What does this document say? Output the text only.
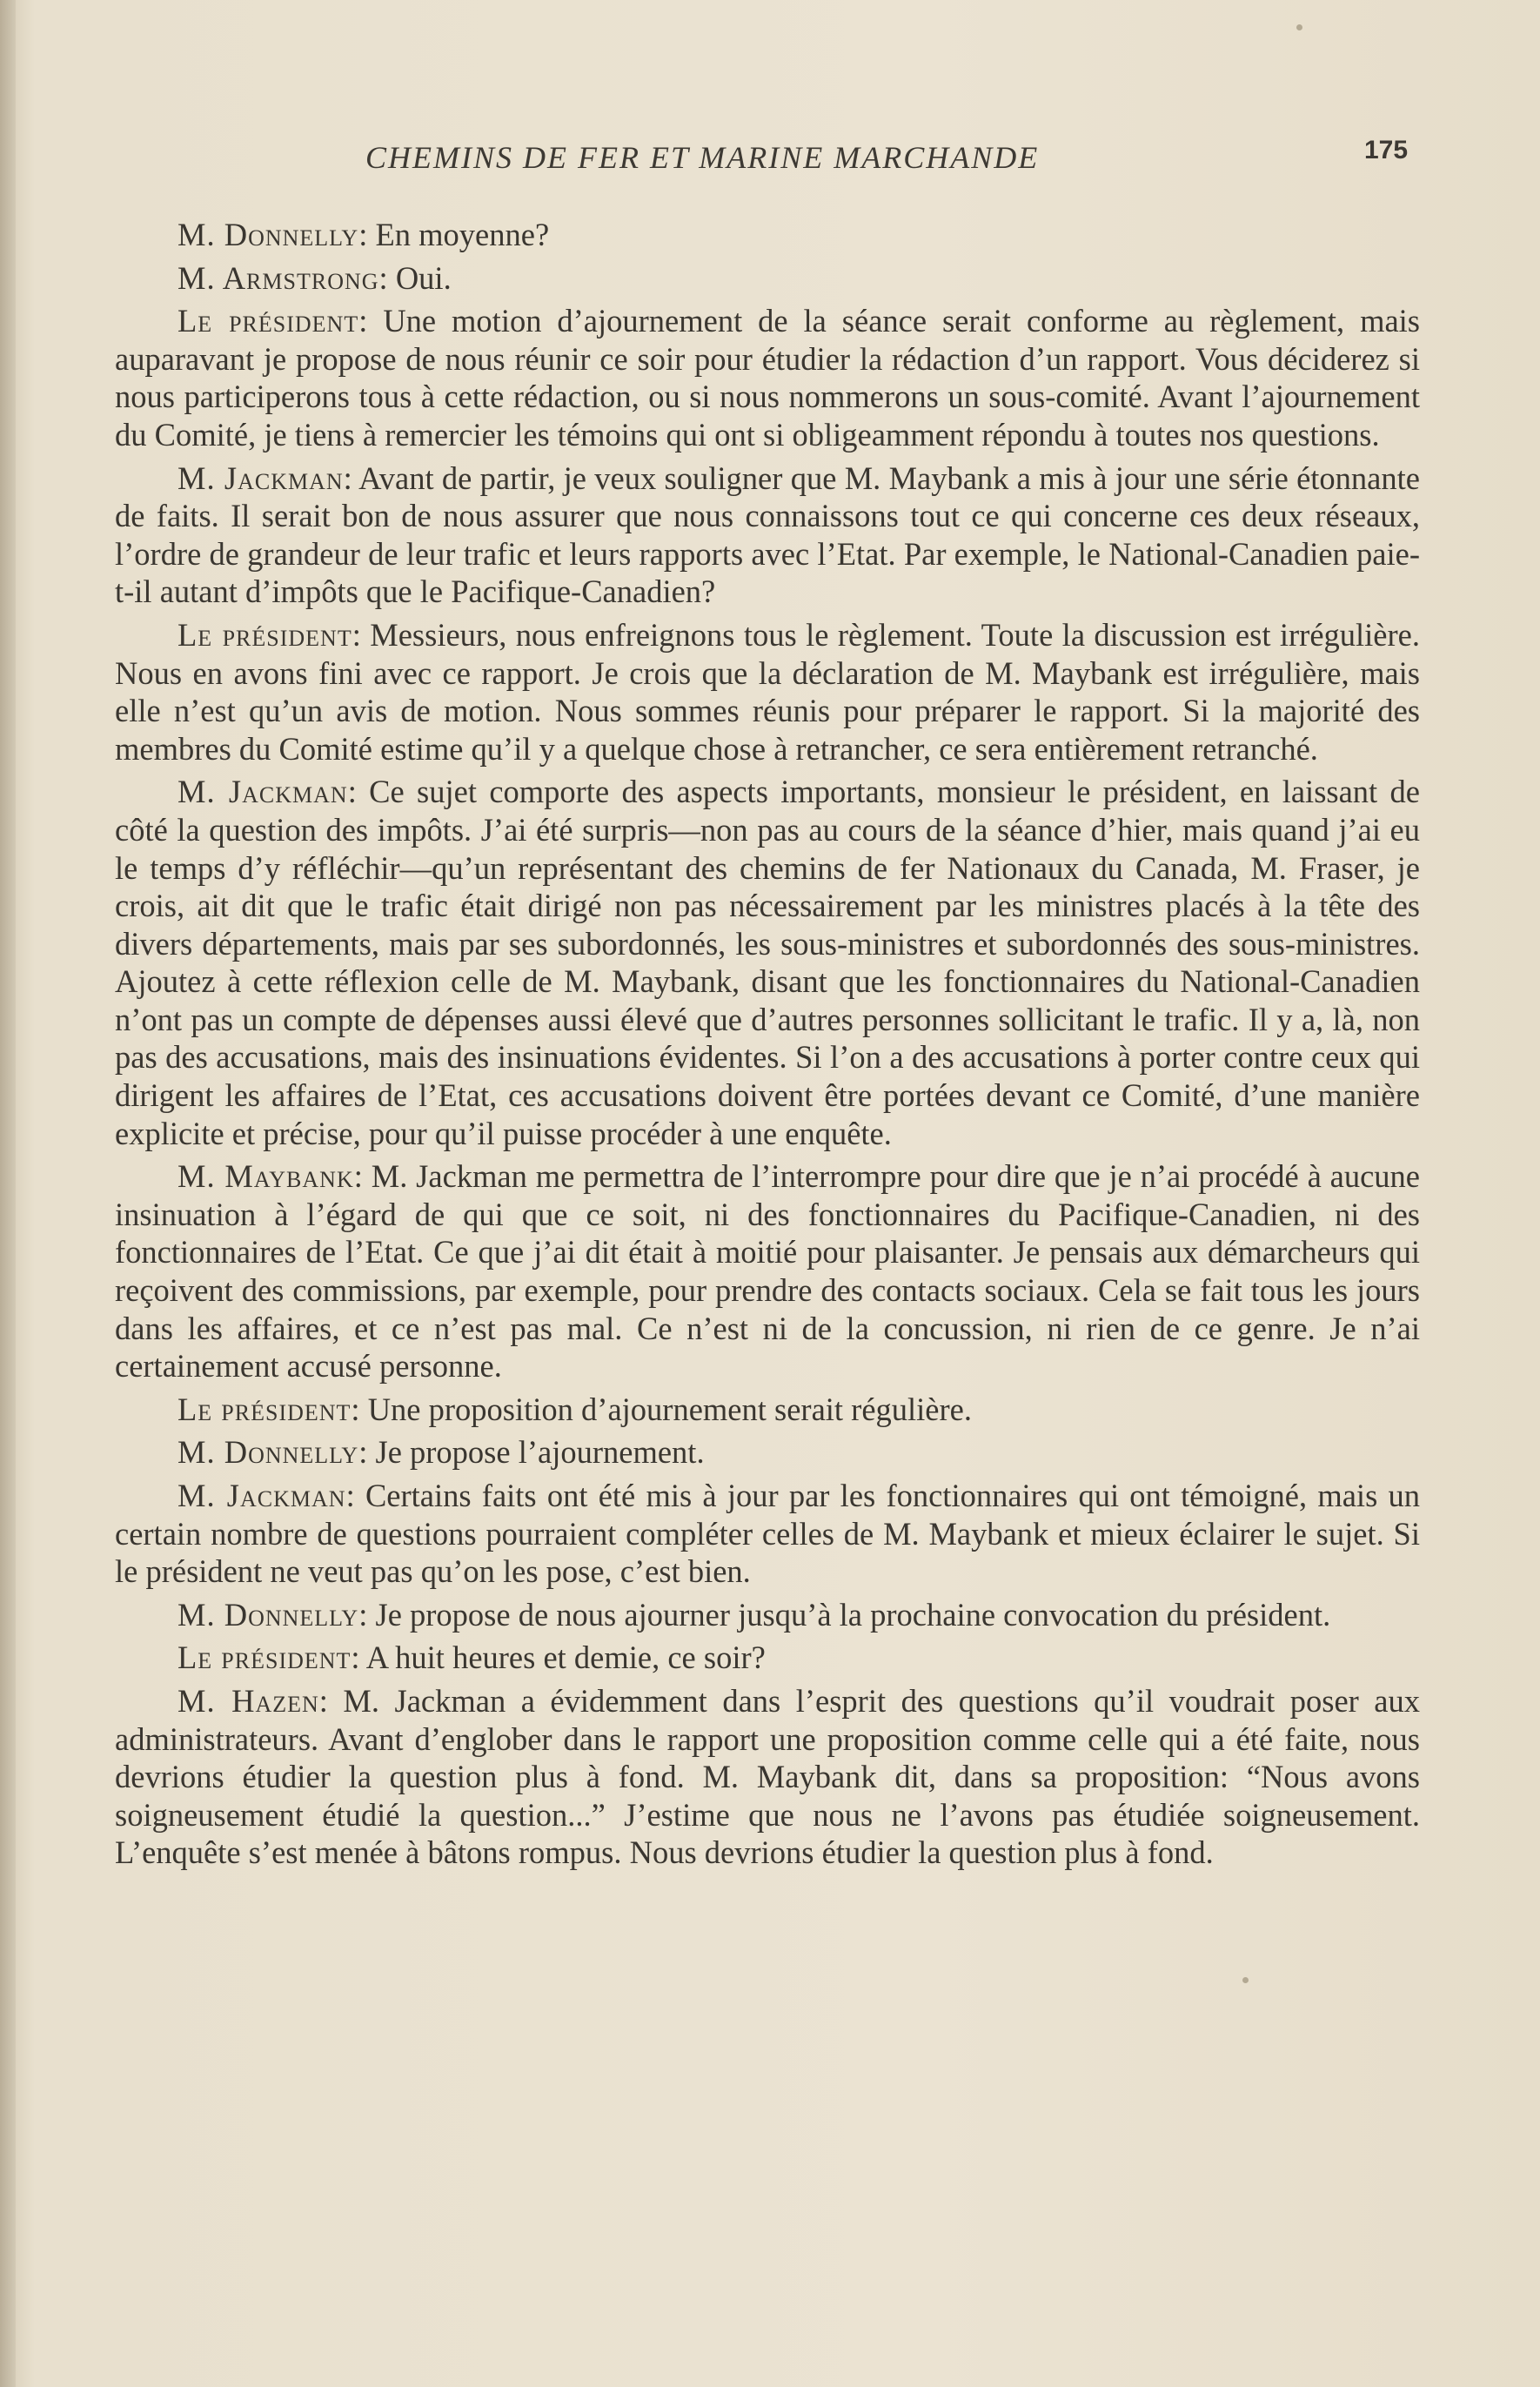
CHEMINS DE FER ET MARINE MARCHANDE	175

M. Donnelly: En moyenne?

M. Armstrong: Oui.

Le président: Une motion d’ajournement de la séance serait conforme au règlement, mais auparavant je propose de nous réunir ce soir pour étudier la rédaction d’un rapport. Vous déciderez si nous participerons tous à cette rédaction, ou si nous nommerons un sous-comité. Avant l’ajournement du Comité, je tiens à remercier les témoins qui ont si obligeamment répondu à toutes nos questions.

M. Jackman: Avant de partir, je veux souligner que M. Maybank a mis à jour une série étonnante de faits. Il serait bon de nous assurer que nous connaissons tout ce qui concerne ces deux réseaux, l’ordre de grandeur de leur trafic et leurs rapports avec l’Etat. Par exemple, le National-Canadien paie-t-il autant d’impôts que le Pacifique-Canadien?

Le président: Messieurs, nous enfreignons tous le règlement. Toute la discussion est irrégulière. Nous en avons fini avec ce rapport. Je crois que la déclaration de M. Maybank est irrégulière, mais elle n’est qu’un avis de motion. Nous sommes réunis pour préparer le rapport. Si la majorité des membres du Comité estime qu’il y a quelque chose à retrancher, ce sera entièrement retranché.

M. Jackman: Ce sujet comporte des aspects importants, monsieur le président, en laissant de côté la question des impôts. J’ai été surpris—non pas au cours de la séance d’hier, mais quand j’ai eu le temps d’y réfléchir—qu’un représentant des chemins de fer Nationaux du Canada, M. Fraser, je crois, ait dit que le trafic était dirigé non pas nécessairement par les ministres placés à la tête des divers départements, mais par ses subordonnés, les sous-ministres et subordonnés des sous-ministres. Ajoutez à cette réflexion celle de M. Maybank, disant que les fonctionnaires du National-Canadien n’ont pas un compte de dépenses aussi élevé que d’autres personnes sollicitant le trafic. Il y a, là, non pas des accusations, mais des insinuations évidentes. Si l’on a des accusations à porter contre ceux qui dirigent les affaires de l’Etat, ces accusations doivent être portées devant ce Comité, d’une manière explicite et précise, pour qu’il puisse procéder à une enquête.

M. Maybank: M. Jackman me permettra de l’interrompre pour dire que je n’ai procédé à aucune insinuation à l’égard de qui que ce soit, ni des fonctionnaires du Pacifique-Canadien, ni des fonctionnaires de l’Etat. Ce que j’ai dit était à moitié pour plaisanter. Je pensais aux démarcheurs qui reçoivent des commissions, par exemple, pour prendre des contacts sociaux. Cela se fait tous les jours dans les affaires, et ce n’est pas mal. Ce n’est ni de la concussion, ni rien de ce genre. Je n’ai certainement accusé personne.

Le président: Une proposition d’ajournement serait régulière.

M. Donnelly: Je propose l’ajournement.

M. Jackman: Certains faits ont été mis à jour par les fonctionnaires qui ont témoigné, mais un certain nombre de questions pourraient compléter celles de M. Maybank et mieux éclairer le sujet. Si le président ne veut pas qu’on les pose, c’est bien.

M. Donnelly: Je propose de nous ajourner jusqu’à la prochaine convocation du président.

Le président: A huit heures et demie, ce soir?

M. Hazen: M. Jackman a évidemment dans l’esprit des questions qu’il voudrait poser aux administrateurs. Avant d’englober dans le rapport une proposition comme celle qui a été faite, nous devrions étudier la question plus à fond. M. Maybank dit, dans sa proposition: “Nous avons soigneusement étudié la question...” J’estime que nous ne l’avons pas étudiée soigneusement. L’enquête s’est menée à bâtons rompus. Nous devrions étudier la question plus à fond.
